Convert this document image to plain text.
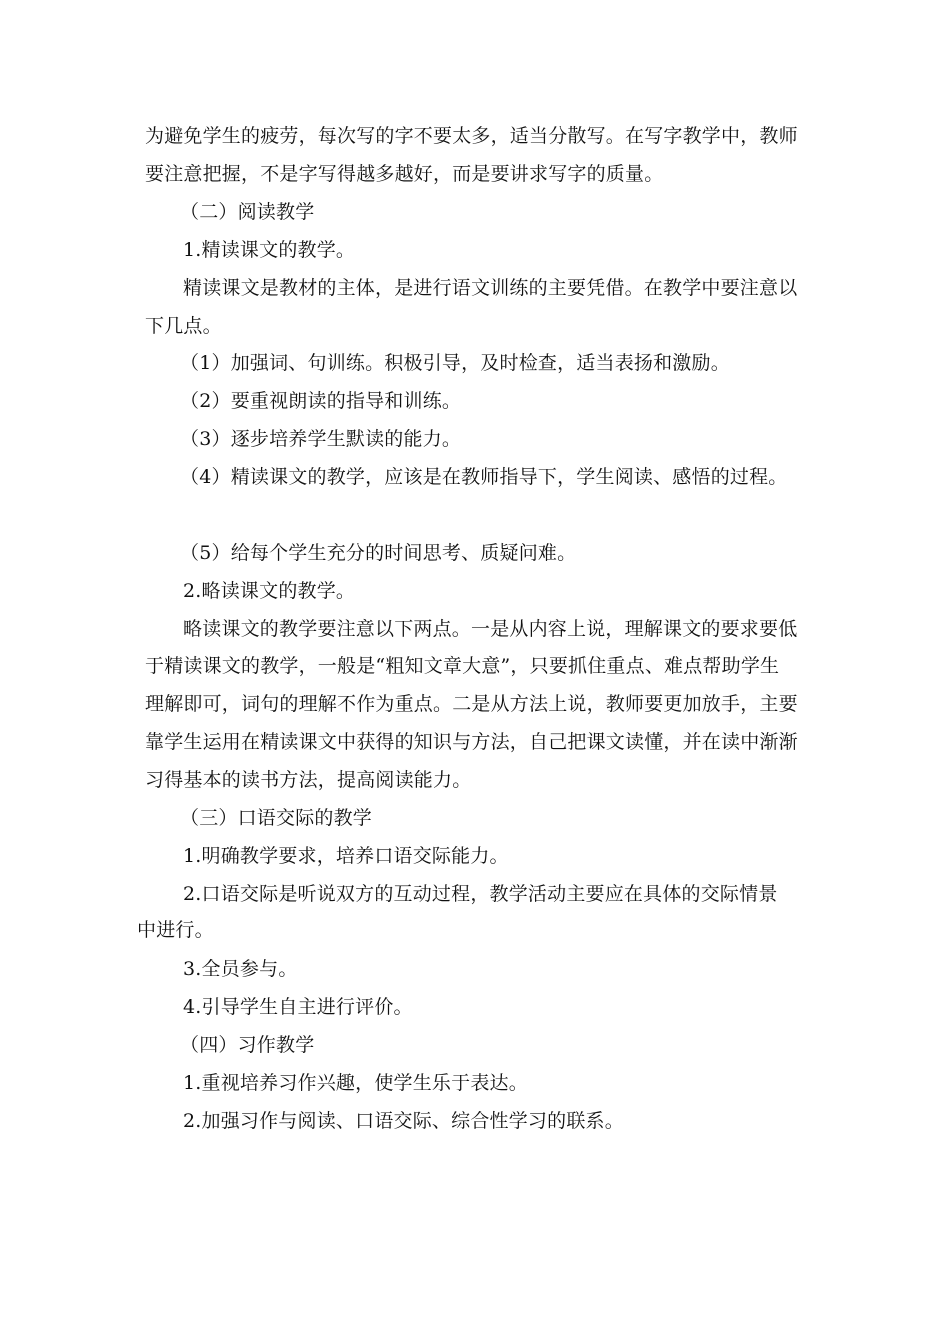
为避免学生的疲劳，每次写的字不要太多，适当分散写。在写字教学中，教师
要注意把握，不是字写得越多越好，而是要讲求写字的质量。
（二）阅读教学
1.精读课文的教学。
精读课文是教材的主体，是进行语文训练的主要凭借。在教学中要注意以
下几点。
（1）加强词、句训练。积极引导，及时检查，适当表扬和激励。
（2）要重视朗读的指导和训练。
（3）逐步培养学生默读的能力。
（4）精读课文的教学，应该是在教师指导下，学生阅读、感悟的过程。
（5）给每个学生充分的时间思考、质疑问难。
2.略读课文的教学。
略读课文的教学要注意以下两点。一是从内容上说，理解课文的要求要低
于精读课文的教学，一般是“粗知文章大意”，只要抓住重点、难点帮助学生
理解即可，词句的理解不作为重点。二是从方法上说，教师要更加放手，主要
靠学生运用在精读课文中获得的知识与方法，自己把课文读懂，并在读中渐渐
习得基本的读书方法，提高阅读能力。
（三）口语交际的教学
1.明确教学要求，培养口语交际能力。
2.口语交际是听说双方的互动过程，教学活动主要应在具体的交际情景
中进行。
3.全员参与。
4.引导学生自主进行评价。
（四）习作教学
1.重视培养习作兴趣，使学生乐于表达。
2.加强习作与阅读、口语交际、综合性学习的联系。
